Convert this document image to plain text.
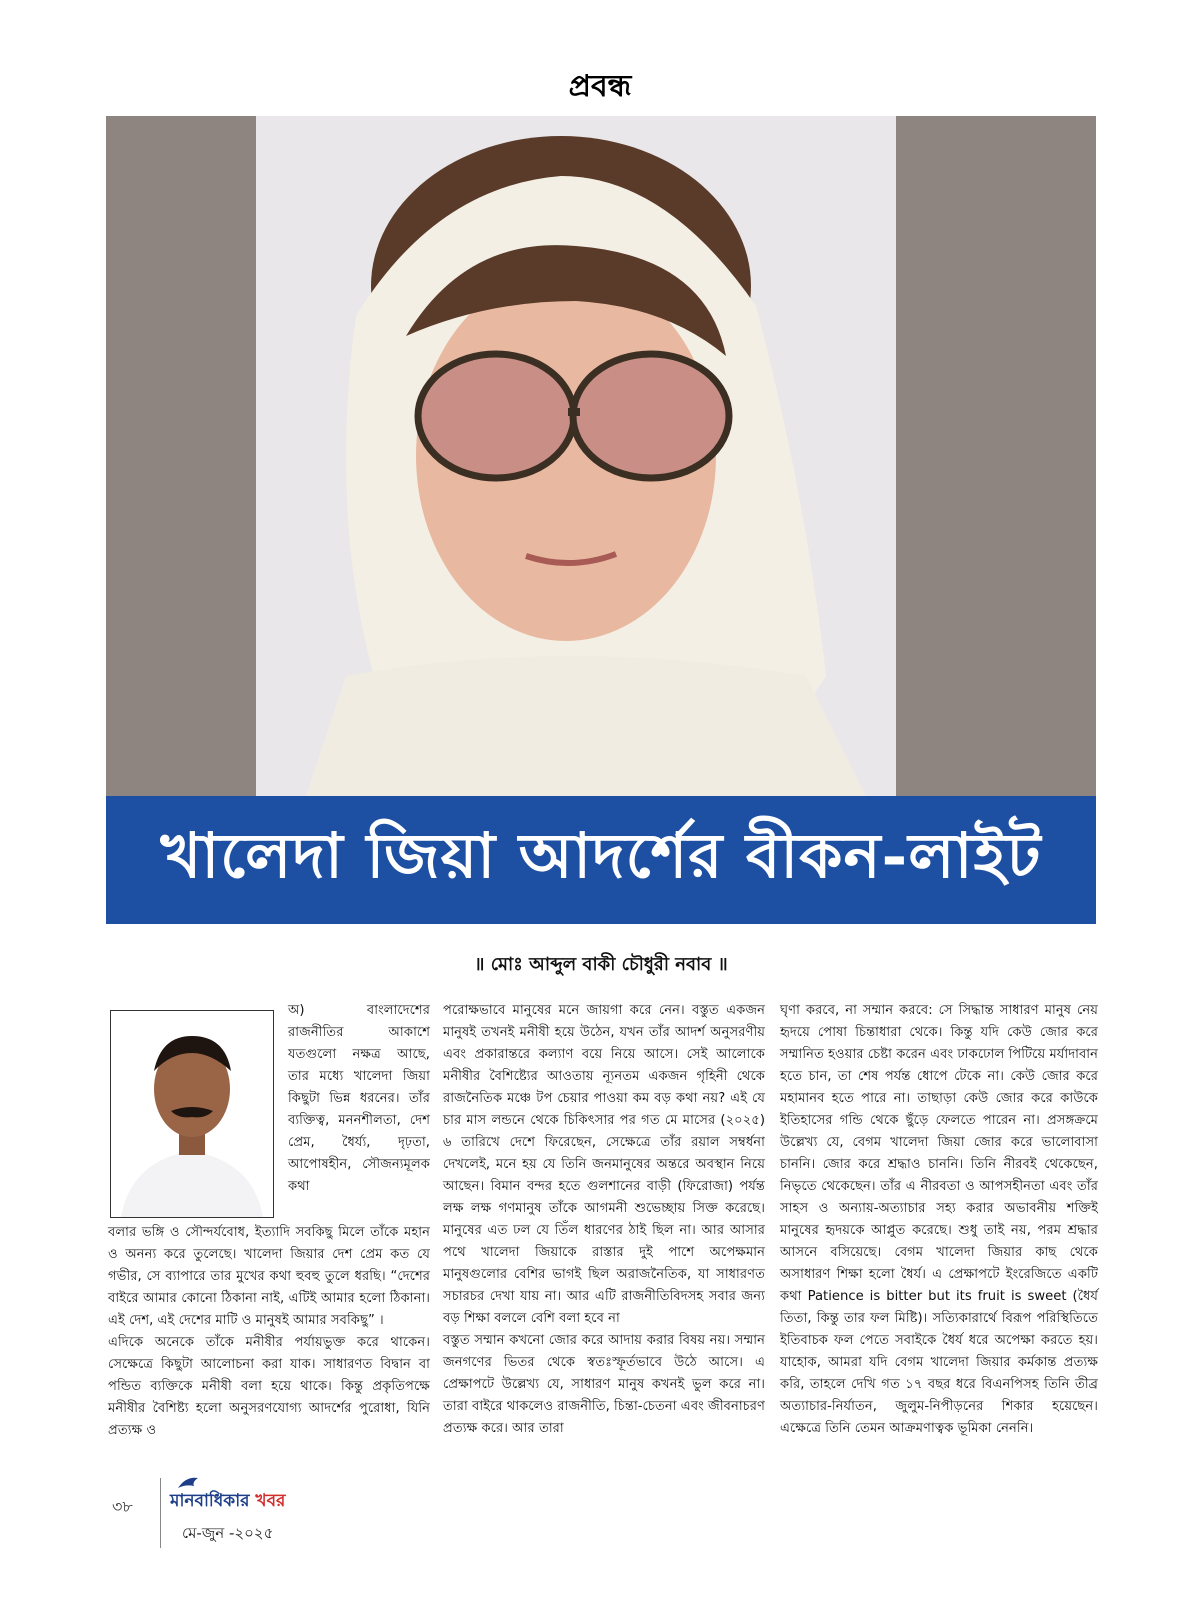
প্রবন্ধ
খালেদা জিয়া আদর্শের বীকন-লাইট
॥ মোঃ আব্দুল বাকী চৌধুরী নবাব ॥

অ) বাংলাদেশের রাজনীতির আকাশে যতগুলো নক্ষত্র আছে, তার মধ্যে খালেদা জিয়া কিছুটা ভিন্ন ধরনের। তাঁর ব্যক্তিত্ব, মননশীলতা, দেশ প্রেম, ধৈর্য্য, দৃঢ়তা, আপোষহীন, সৌজন্যমূলক কথা

বলার ভঙ্গি ও সৌন্দর্যবোধ, ইত্যাদি সবকিছু মিলে তাঁকে মহান ও অনন্য করে তুলেছে। খালেদা জিয়ার দেশ প্রেম কত যে গভীর, সে ব্যাপারে তার মুখের কথা হুবহু তুলে ধরছি। “দেশের বাইরে আমার কোনো ঠিকানা নাই, এটিই আমার হলো ঠিকানা। এই দেশ, এই দেশের মাটি ও মানুষই আমার সবকিছু” ।

এদিকে অনেকে তাঁকে মনীষীর পর্যায়ভুক্ত করে থাকেন। সেক্ষেত্রে কিছুটা আলোচনা করা যাক। সাধারণত বিদ্বান বা পন্ডিত ব্যক্তিকে মনীষী বলা হয়ে থাকে। কিন্তু প্রকৃতিপক্ষে মনীষীর বৈশিষ্ট্য হলো অনুসরণযোগ্য আদর্শের পুরোধা, যিনি প্রত্যক্ষ ও

পরোক্ষভাবে মানুষের মনে জায়গা করে নেন। বস্তুত একজন মানুষই তখনই মনীষী হয়ে উঠেন, যখন তাঁর আদর্শ অনুসরণীয় এবং প্রকারান্তরে কল্যাণ বয়ে নিয়ে আসে। সেই আলোকে মনীষীর বৈশিষ্ট্যের আওতায় ন্যূনতম একজন গৃহিনী থেকে রাজনৈতিক মঞ্চে টপ চেয়ার পাওয়া কম বড় কথা নয়? এই যে চার মাস লন্ডনে থেকে চিকিৎসার পর গত মে মাসের (২০২৫) ৬ তারিখে দেশে ফিরেছেন, সেক্ষেত্রে তাঁর রয়াল সম্বর্ধনা দেখলেই, মনে হয় যে তিনি জনমানুষের অন্তরে অবস্থান নিয়ে আছেন। বিমান বন্দর হতে গুলশানের বাড়ী (ফিরোজা) পর্যন্ত লক্ষ লক্ষ গণমানুষ তাঁকে আগমনী শুভেচ্ছায় সিক্ত করেছে। মানুষের এত ঢল যে তিঁল ধারণের ঠাই ছিল না। আর আসার পথে খালেদা জিয়াকে রাস্তার দুই পাশে অপেক্ষমান মানুষগুলোর বেশির ভাগই ছিল অরাজনৈতিক, যা সাধারণত সচারচর দেখা যায় না। আর এটি রাজনীতিবিদসহ সবার জন্য বড় শিক্ষা বললে বেশি বলা হবে না

বস্তুত সম্মান কখনো জোর করে আদায় করার বিষয় নয়। সম্মান জনগণের ভিতর থেকে স্বতঃস্ফূর্তভাবে উঠে আসে। এ প্রেক্ষাপটে উল্লেখ্য যে, সাধারণ মানুষ কখনই ভুল করে না। তারা বাইরে থাকলেও রাজনীতি, চিন্তা-চেতনা এবং জীবনাচরণ প্রত্যক্ষ করে। আর তারা

ঘৃণা করবে, না সম্মান করবে: সে সিদ্ধান্ত সাধারণ মানুষ নেয় হৃদয়ে পোষা চিন্তাধারা থেকে। কিন্তু যদি কেউ জোর করে সম্মানিত হওয়ার চেষ্টা করেন এবং ঢাকঢোল পিটিয়ে মর্যাদাবান হতে চান, তা শেষ পর্যন্ত ধোপে টেকে না। কেউ জোর করে মহামানব হতে পারে না। তাছাড়া কেউ জোর করে কাউকে ইতিহাসের গন্ডি থেকে ছুঁড়ে ফেলতে পারেন না। প্রসঙ্গক্রমে উল্লেখ্য যে, বেগম খালেদা জিয়া জোর করে ভালোবাসা চাননি। জোর করে শ্রদ্ধাও চাননি। তিনি নীরবই থেকেছেন, নিভৃতে থেকেছেন। তাঁর এ নীরবতা ও আপসহীনতা এবং তাঁর সাহস ও অন্যায়-অত্যাচার সহ্য করার অভাবনীয় শক্তিই মানুষের হৃদয়কে আপ্লুত করেছে। শুধু তাই নয়, পরম শ্রদ্ধার আসনে বসিয়েছে। বেগম খালেদা জিয়ার কাছ থেকে অসাধারণ শিক্ষা হলো ধৈর্য। এ প্রেক্ষাপটে ইংরেজিতে একটি কথা Patience is bitter but its fruit is sweet (ধৈর্য তিতা, কিন্তু তার ফল মিষ্টি)। সত্যিকারার্থে বিরূপ পরিস্থিতিতে ইতিবাচক ফল পেতে সবাইকে ধৈর্য ধরে অপেক্ষা করতে হয়। যাহোক, আমরা যদি বেগম খালেদা জিয়ার কর্মকান্ত প্রত্যক্ষ করি, তাহলে দেখি গত ১৭ বছর ধরে বিএনপিসহ তিনি তীব্র অত্যাচার-নির্যাতন, জুলুম-নিপীড়নের শিকার হয়েছেন। এক্ষেত্রে তিনি তেমন আক্রমণাত্বক ভূমিকা নেননি।

৩৮ মানবাধিকার খবর
মে-জুন -২০২৫
